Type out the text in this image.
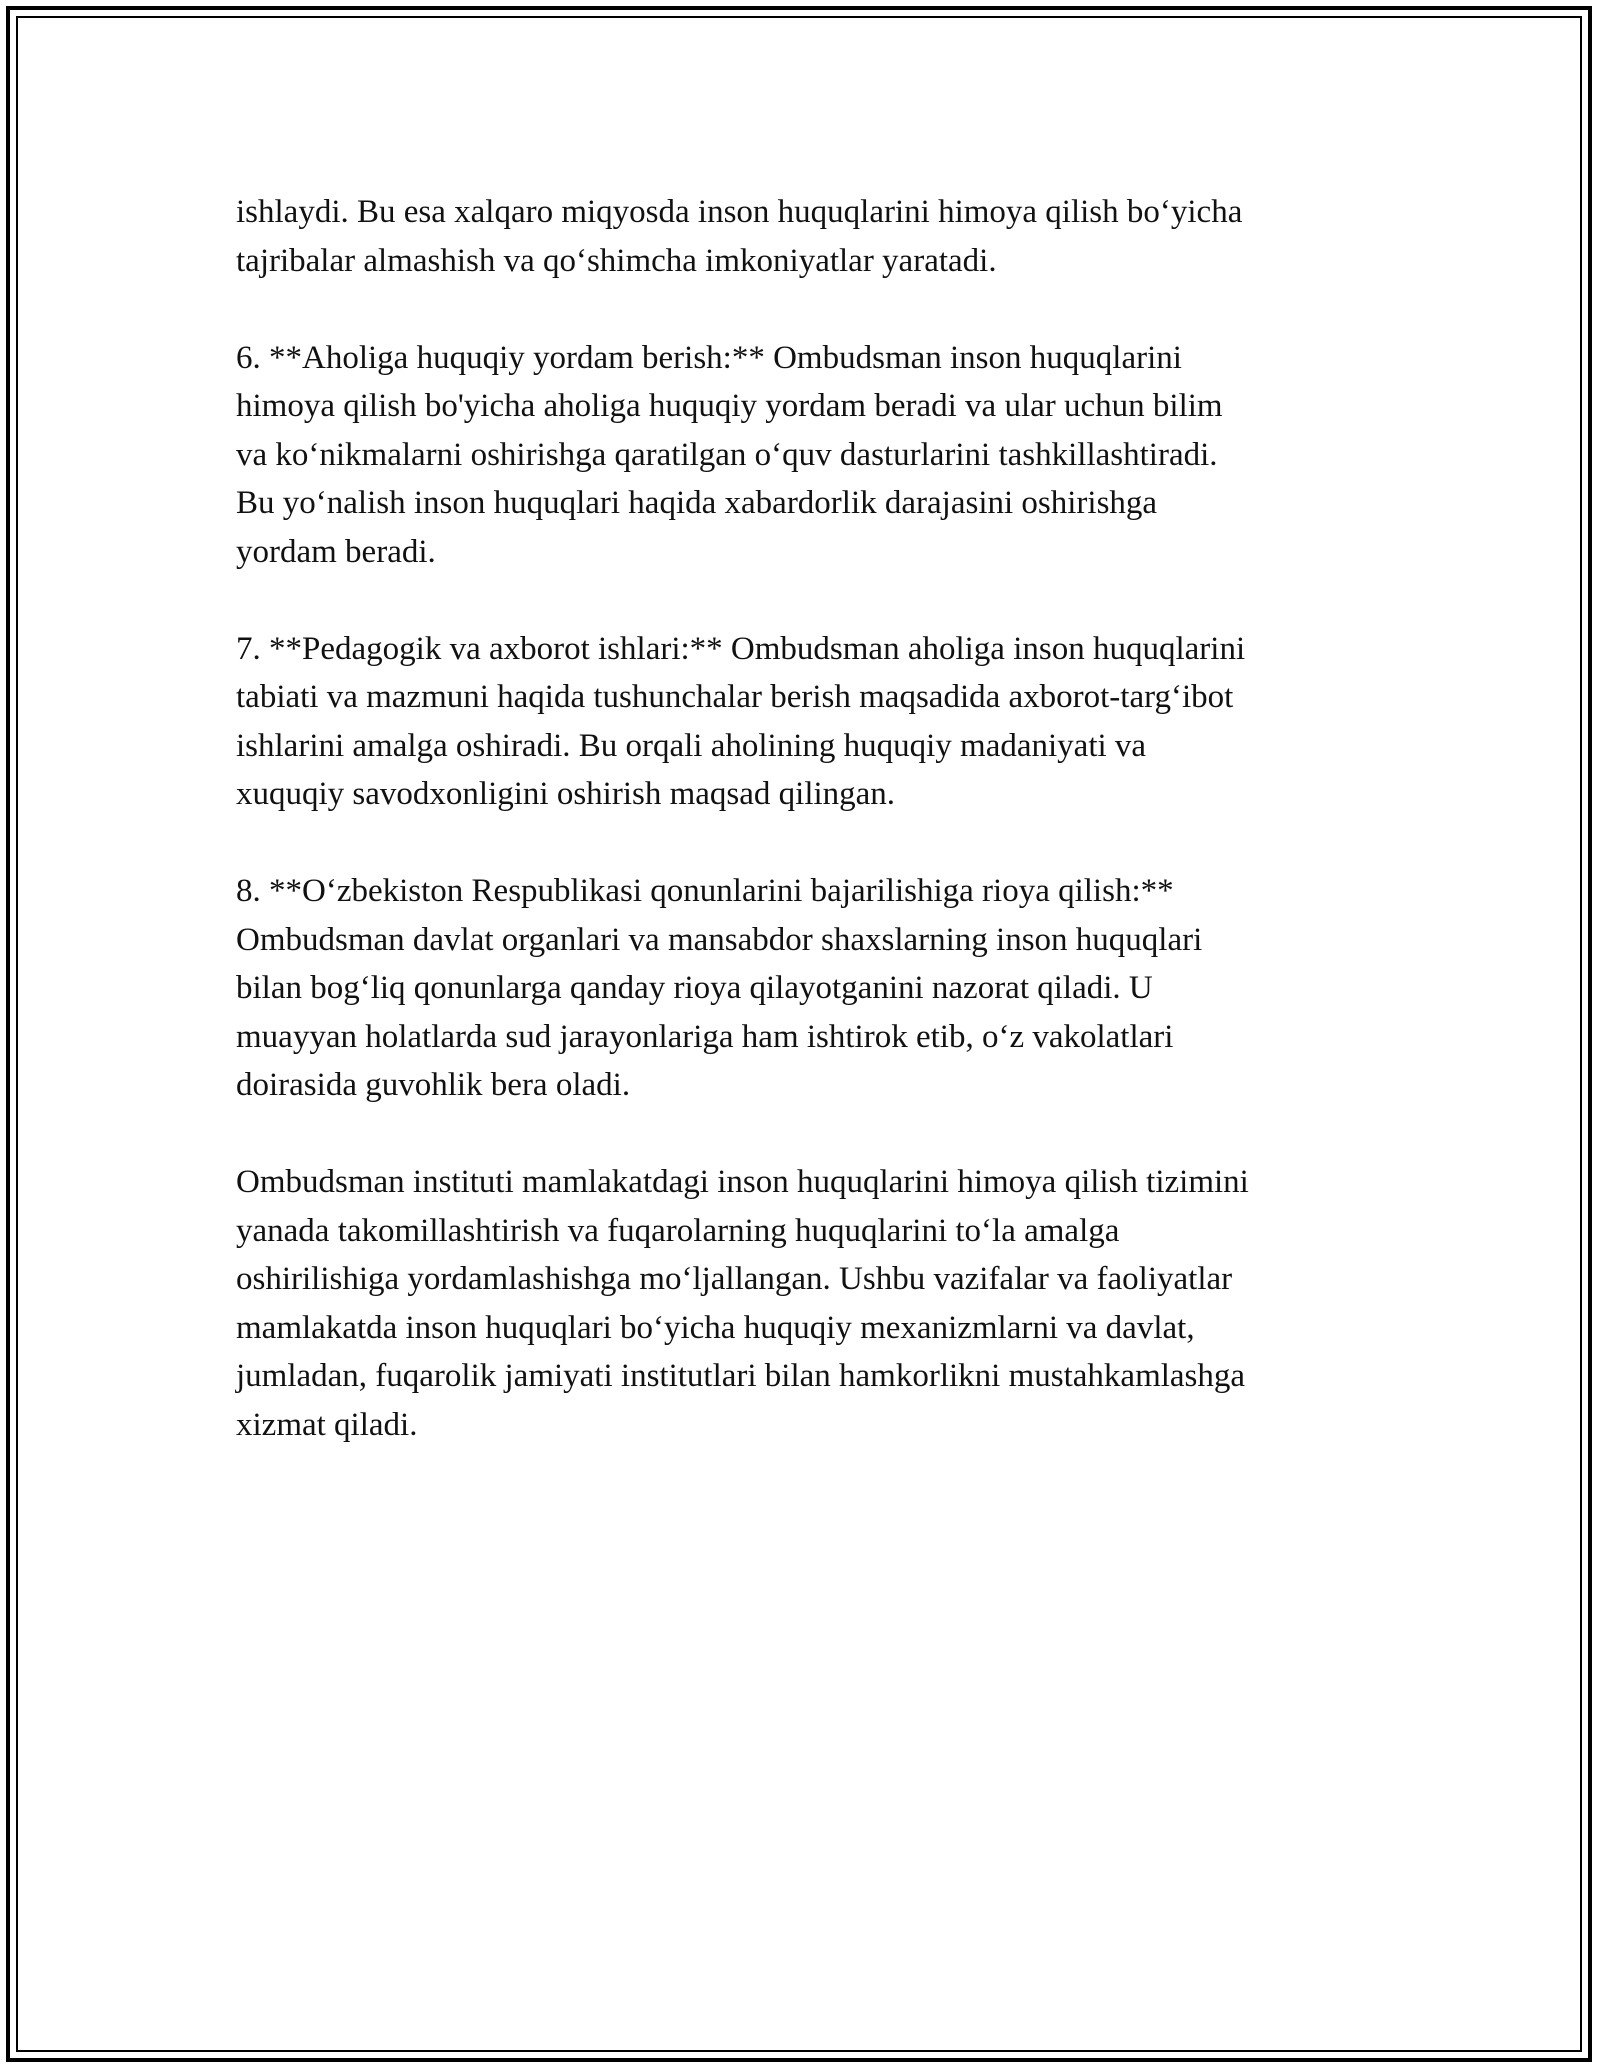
ishlaydi. Bu esa xalqaro miqyosda inson huquqlarini himoya qilish bo‘yicha
tajribalar almashish va qo‘shimcha imkoniyatlar yaratadi.

6. **Aholiga huquqiy yordam berish:** Ombudsman inson huquqlarini
himoya qilish bo'yicha aholiga huquqiy yordam beradi va ular uchun bilim
va ko‘nikmalarni oshirishga qaratilgan o‘quv dasturlarini tashkillashtiradi.
Bu yo‘nalish inson huquqlari haqida xabardorlik darajasini oshirishga
yordam beradi.

7. **Pedagogik va axborot ishlari:** Ombudsman aholiga inson huquqlarini
tabiati va mazmuni haqida tushunchalar berish maqsadida axborot-targ‘ibot
ishlarini amalga oshiradi. Bu orqali aholining huquqiy madaniyati va
xuquqiy savodxonligini oshirish maqsad qilingan.

8. **O‘zbekiston Respublikasi qonunlarini bajarilishiga rioya qilish:**
Ombudsman davlat organlari va mansabdor shaxslarning inson huquqlari
bilan bog‘liq qonunlarga qanday rioya qilayotganini nazorat qiladi. U
muayyan holatlarda sud jarayonlariga ham ishtirok etib, o‘z vakolatlari
doirasida guvohlik bera oladi.

Ombudsman instituti mamlakatdagi inson huquqlarini himoya qilish tizimini
yanada takomillashtirish va fuqarolarning huquqlarini to‘la amalga
oshirilishiga yordamlashishga mo‘ljallangan. Ushbu vazifalar va faoliyatlar
mamlakatda inson huquqlari bo‘yicha huquqiy mexanizmlarni va davlat,
jumladan, fuqarolik jamiyati institutlari bilan hamkorlikni mustahkamlashga
xizmat qiladi.
